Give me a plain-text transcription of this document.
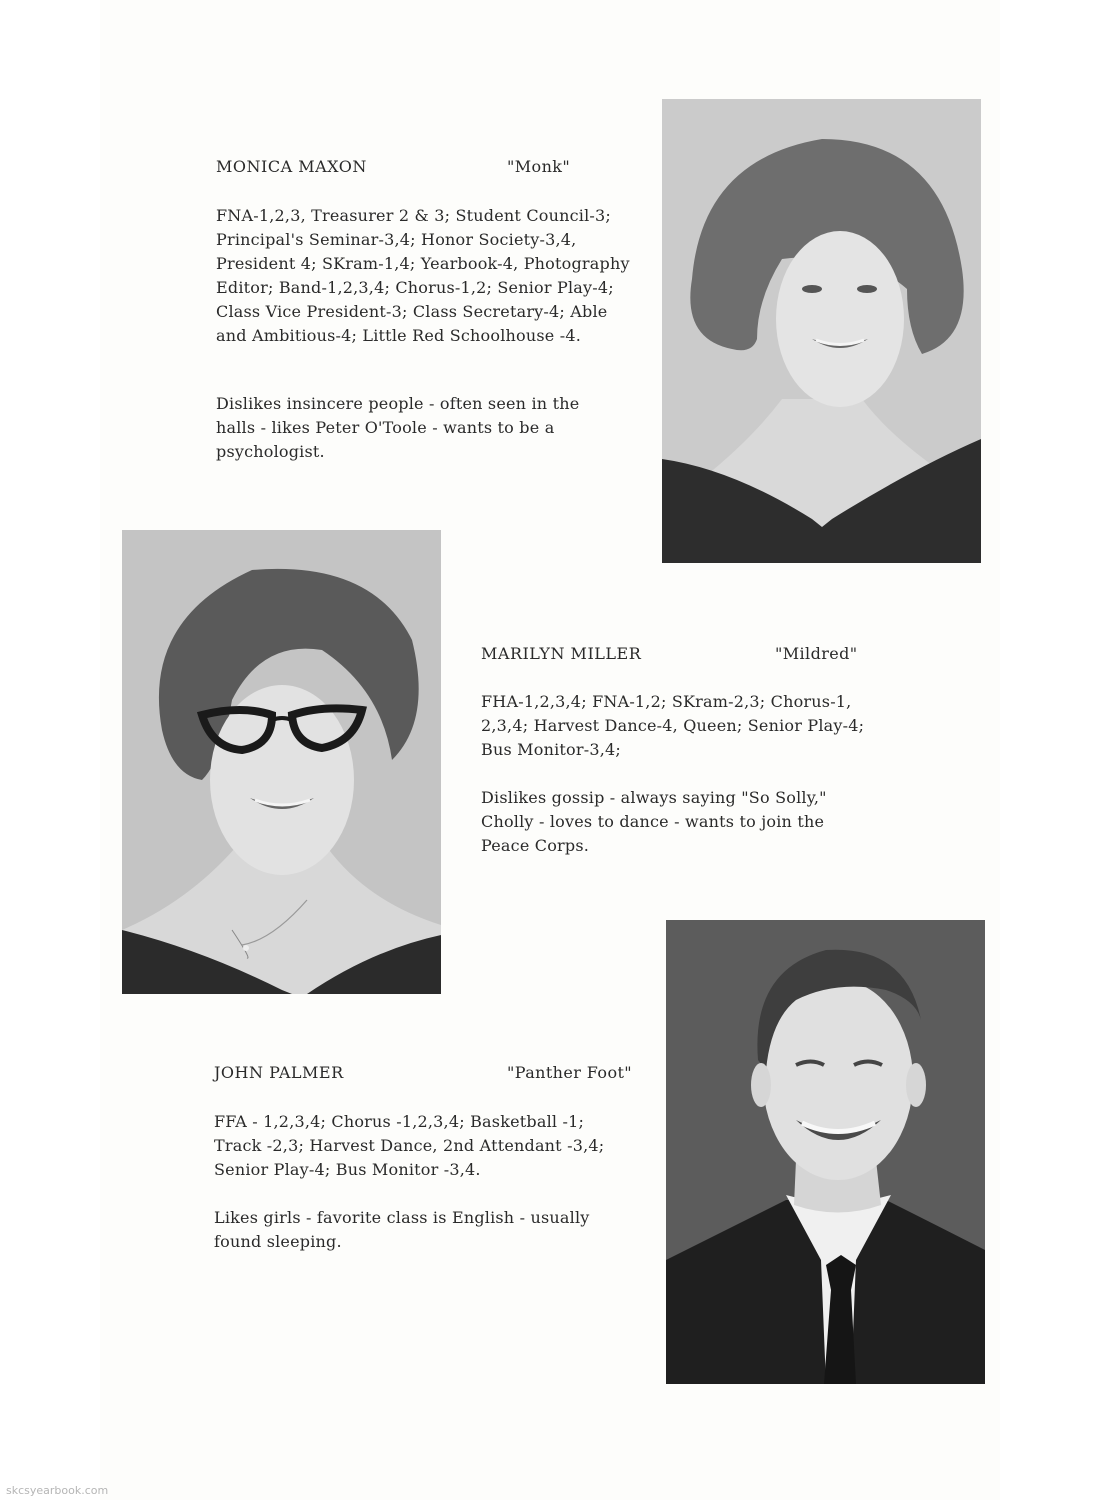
MONICA MAXON	"Monk"
FNA-1,2,3, Treasurer 2 & 3; Student Council-3; Principal's Seminar-3,4; Honor Society-3,4, President 4; SKram-1,4; Yearbook-4, Photography Editor; Band-1,2,3,4; Chorus-1,2; Senior Play-4; Class Vice President-3; Class Secretary-4; Able and Ambitious-4; Little Red Schoolhouse -4.
Dislikes insincere people - often seen in the halls - likes Peter O'Toole - wants to be a psychologist.
MARILYN MILLER	"Mildred"
FHA-1,2,3,4; FNA-1,2; SKram-2,3; Chorus-1, 2,3,4; Harvest Dance-4, Queen; Senior Play-4; Bus Monitor-3,4;
Dislikes gossip - always saying "So Solly," Cholly - loves to dance - wants to join the Peace Corps.
JOHN PALMER	"Panther Foot"
FFA - 1,2,3,4; Chorus -1,2,3,4; Basketball -1; Track -2,3; Harvest Dance, 2nd Attendant -3,4; Senior Play-4; Bus Monitor -3,4.
Likes girls - favorite class is English - usually found sleeping.
skcsyearbook.com
